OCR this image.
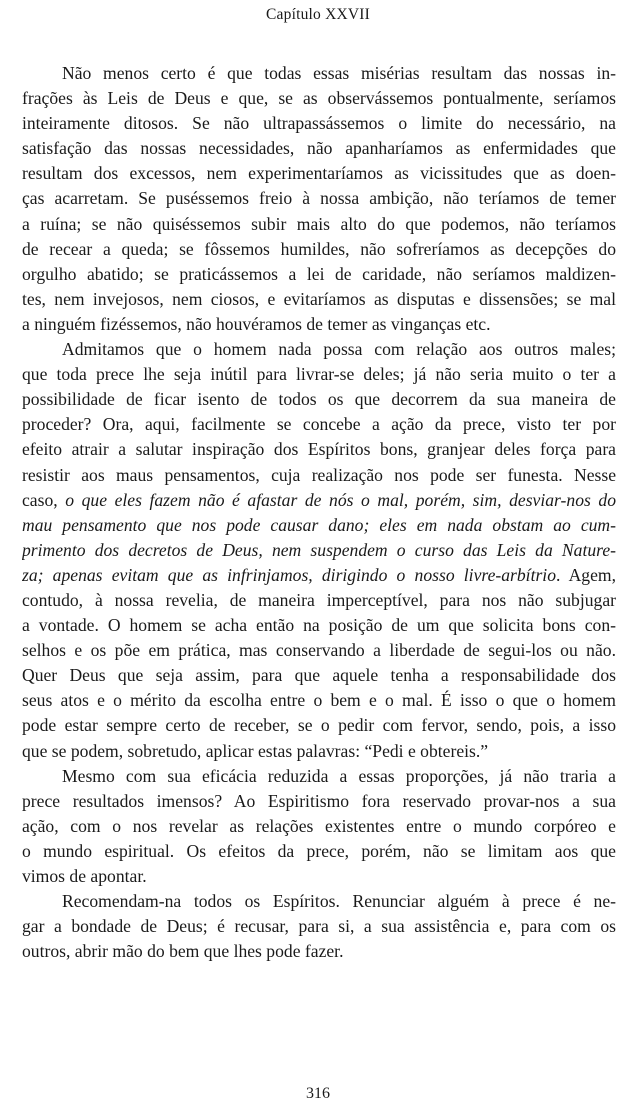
Capítulo XXVII
Não menos certo é que todas essas misérias resultam das nossas in-
frações às Leis de Deus e que, se as observássemos pontualmente, seríamos
inteiramente ditosos. Se não ultrapassássemos o limite do necessário, na
satisfação das nossas necessidades, não apanharíamos as enfermidades que
resultam dos excessos, nem experimentaríamos as vicissitudes que as doen-
ças acarretam. Se puséssemos freio à nossa ambição, não teríamos de temer
a ruína; se não quiséssemos subir mais alto do que podemos, não teríamos
de recear a queda; se fôssemos humildes, não sofreríamos as decepções do
orgulho abatido; se praticássemos a lei de caridade, não seríamos maldizen-
tes, nem invejosos, nem ciosos, e evitaríamos as disputas e dissensões; se mal
a ninguém fizéssemos, não houvéramos de temer as vinganças etc.
Admitamos que o homem nada possa com relação aos outros males;
que toda prece lhe seja inútil para livrar-se deles; já não seria muito o ter a
possibilidade de ficar isento de todos os que decorrem da sua maneira de
proceder? Ora, aqui, facilmente se concebe a ação da prece, visto ter por
efeito atrair a salutar inspiração dos Espíritos bons, granjear deles força para
resistir aos maus pensamentos, cuja realização nos pode ser funesta. Nesse
caso, o que eles fazem não é afastar de nós o mal, porém, sim, desviar-nos do
mau pensamento que nos pode causar dano; eles em nada obstam ao cum-
primento dos decretos de Deus, nem suspendem o curso das Leis da Nature-
za; apenas evitam que as infrinjamos, dirigindo o nosso livre-arbítrio. Agem,
contudo, à nossa revelia, de maneira imperceptível, para nos não subjugar
a vontade. O homem se acha então na posição de um que solicita bons con-
selhos e os põe em prática, mas conservando a liberdade de segui-los ou não.
Quer Deus que seja assim, para que aquele tenha a responsabilidade dos
seus atos e o mérito da escolha entre o bem e o mal. É isso o que o homem
pode estar sempre certo de receber, se o pedir com fervor, sendo, pois, a isso
que se podem, sobretudo, aplicar estas palavras: “Pedi e obtereis.”
Mesmo com sua eficácia reduzida a essas proporções, já não traria a
prece resultados imensos? Ao Espiritismo fora reservado provar-nos a sua
ação, com o nos revelar as relações existentes entre o mundo corpóreo e
o mundo espiritual. Os efeitos da prece, porém, não se limitam aos que
vimos de apontar.
Recomendam-na todos os Espíritos. Renunciar alguém à prece é ne-
gar a bondade de Deus; é recusar, para si, a sua assistência e, para com os
outros, abrir mão do bem que lhes pode fazer.
316
